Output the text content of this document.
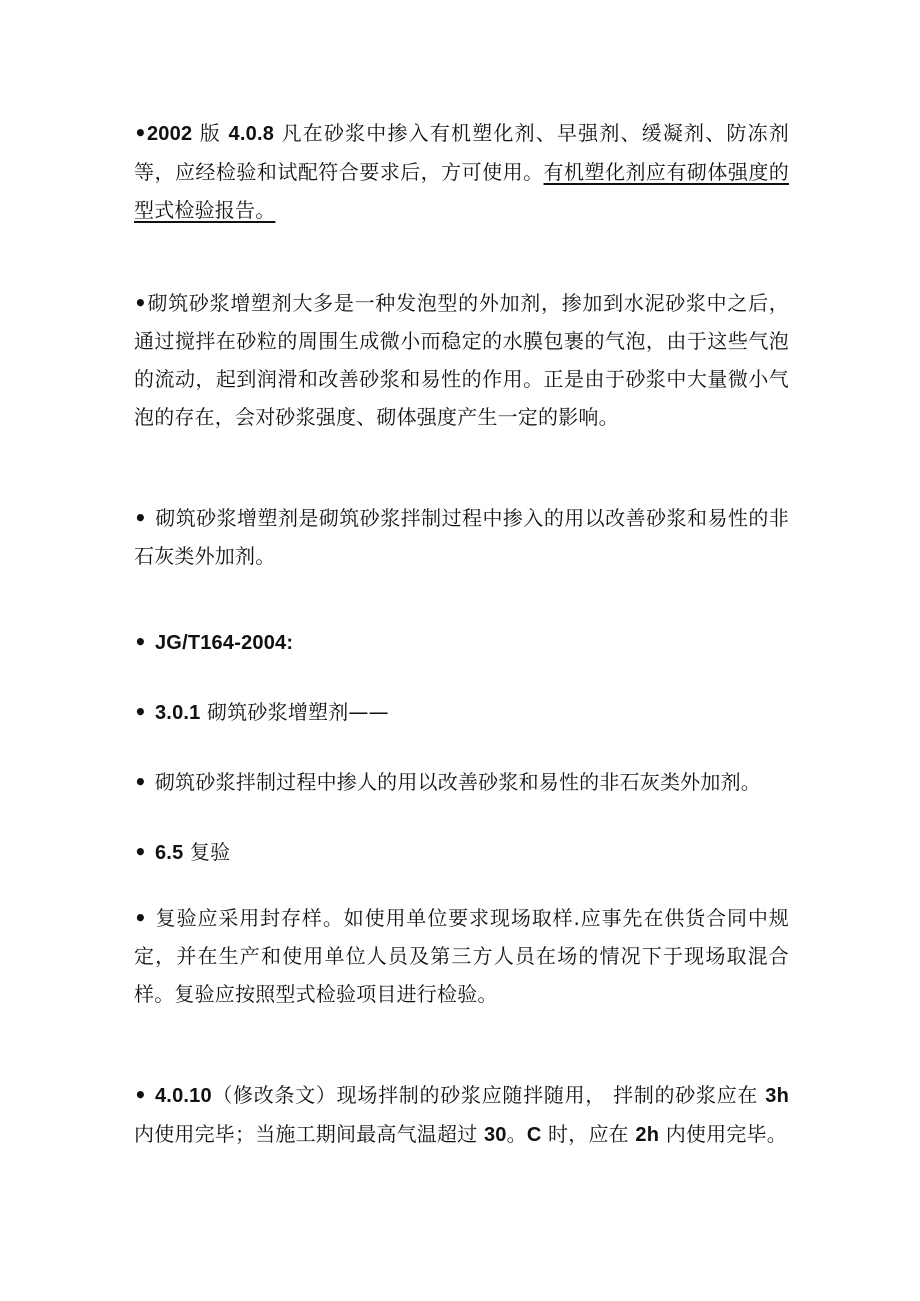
•2002 版 4.0.8 凡在砂浆中掺入有机塑化剂、早强剂、缓凝剂、防冻剂等，应经检验和试配符合要求后，方可使用。有机塑化剂应有砌体强度的型式检验报告。

•砌筑砂浆增塑剂大多是一种发泡型的外加剂，掺加到水泥砂浆中之后，通过搅拌在砂粒的周围生成微小而稳定的水膜包裹的气泡，由于这些气泡的流动，起到润滑和改善砂浆和易性的作用。正是由于砂浆中大量微小气泡的存在，会对砂浆强度、砌体强度产生一定的影响。

• 砌筑砂浆增塑剂是砌筑砂浆拌制过程中掺入的用以改善砂浆和易性的非石灰类外加剂。

• JG/T164-2004:

• 3.0.1 砌筑砂浆增塑剂——

• 砌筑砂浆拌制过程中掺人的用以改善砂浆和易性的非石灰类外加剂。

• 6.5 复验

• 复验应采用封存样。如使用单位要求现场取样.应事先在供货合同中规定，并在生产和使用单位人员及第三方人员在场的情况下于现场取混合样。复验应按照型式检验项目进行检验。

• 4.0.10（修改条文）现场拌制的砂浆应随拌随用， 拌制的砂浆应在 3h 内使用完毕；当施工期间最高气温超过 30。C 时，应在 2h 内使用完毕。
